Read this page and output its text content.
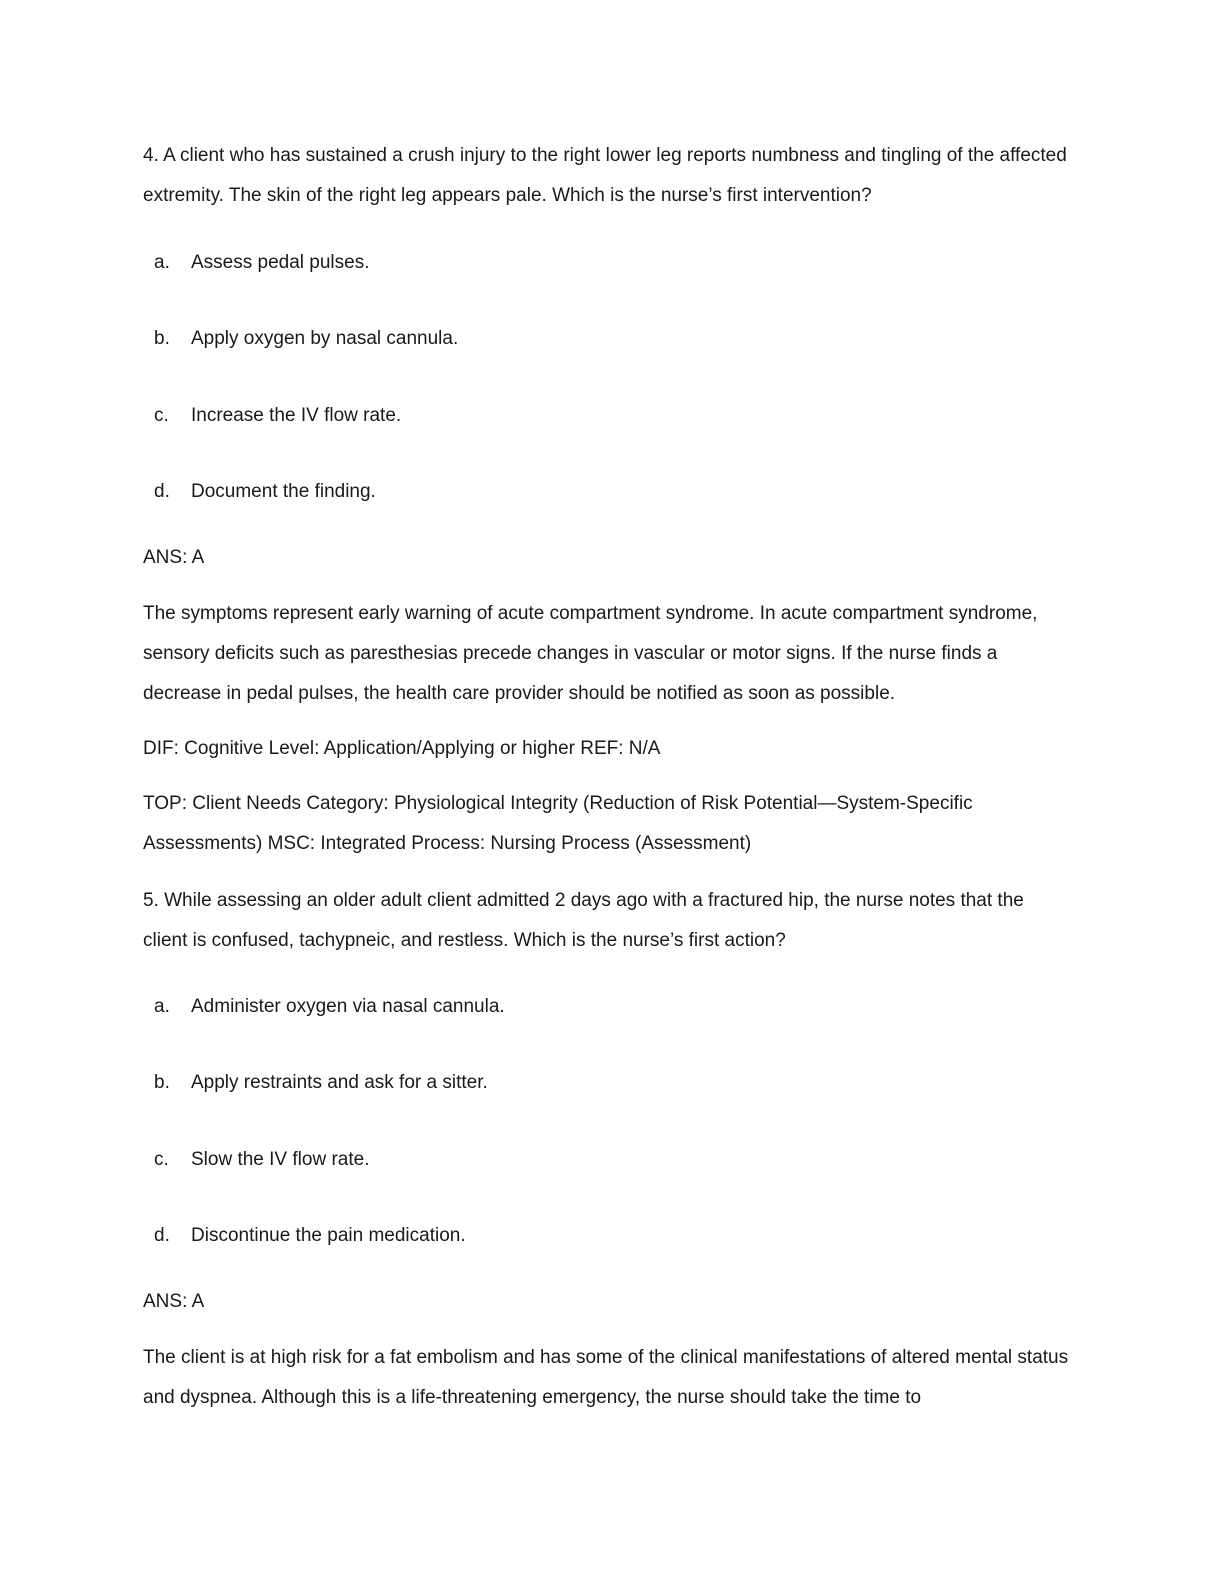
4. A client who has sustained a crush injury to the right lower leg reports numbness and tingling of the affected extremity. The skin of the right leg appears pale. Which is the nurse’s first intervention?
a. Assess pedal pulses.
b. Apply oxygen by nasal cannula.
c. Increase the IV flow rate.
d. Document the finding.
ANS: A
The symptoms represent early warning of acute compartment syndrome. In acute compartment syndrome, sensory deficits such as paresthesias precede changes in vascular or motor signs. If the nurse finds a decrease in pedal pulses, the health care provider should be notified as soon as possible.
DIF: Cognitive Level: Application/Applying or higher REF: N/A
TOP: Client Needs Category: Physiological Integrity (Reduction of Risk Potential—System-Specific Assessments) MSC: Integrated Process: Nursing Process (Assessment)
5. While assessing an older adult client admitted 2 days ago with a fractured hip, the nurse notes that the client is confused, tachypneic, and restless. Which is the nurse’s first action?
a. Administer oxygen via nasal cannula.
b. Apply restraints and ask for a sitter.
c. Slow the IV flow rate.
d. Discontinue the pain medication.
ANS: A
The client is at high risk for a fat embolism and has some of the clinical manifestations of altered mental status and dyspnea. Although this is a life-threatening emergency, the nurse should take the time to
